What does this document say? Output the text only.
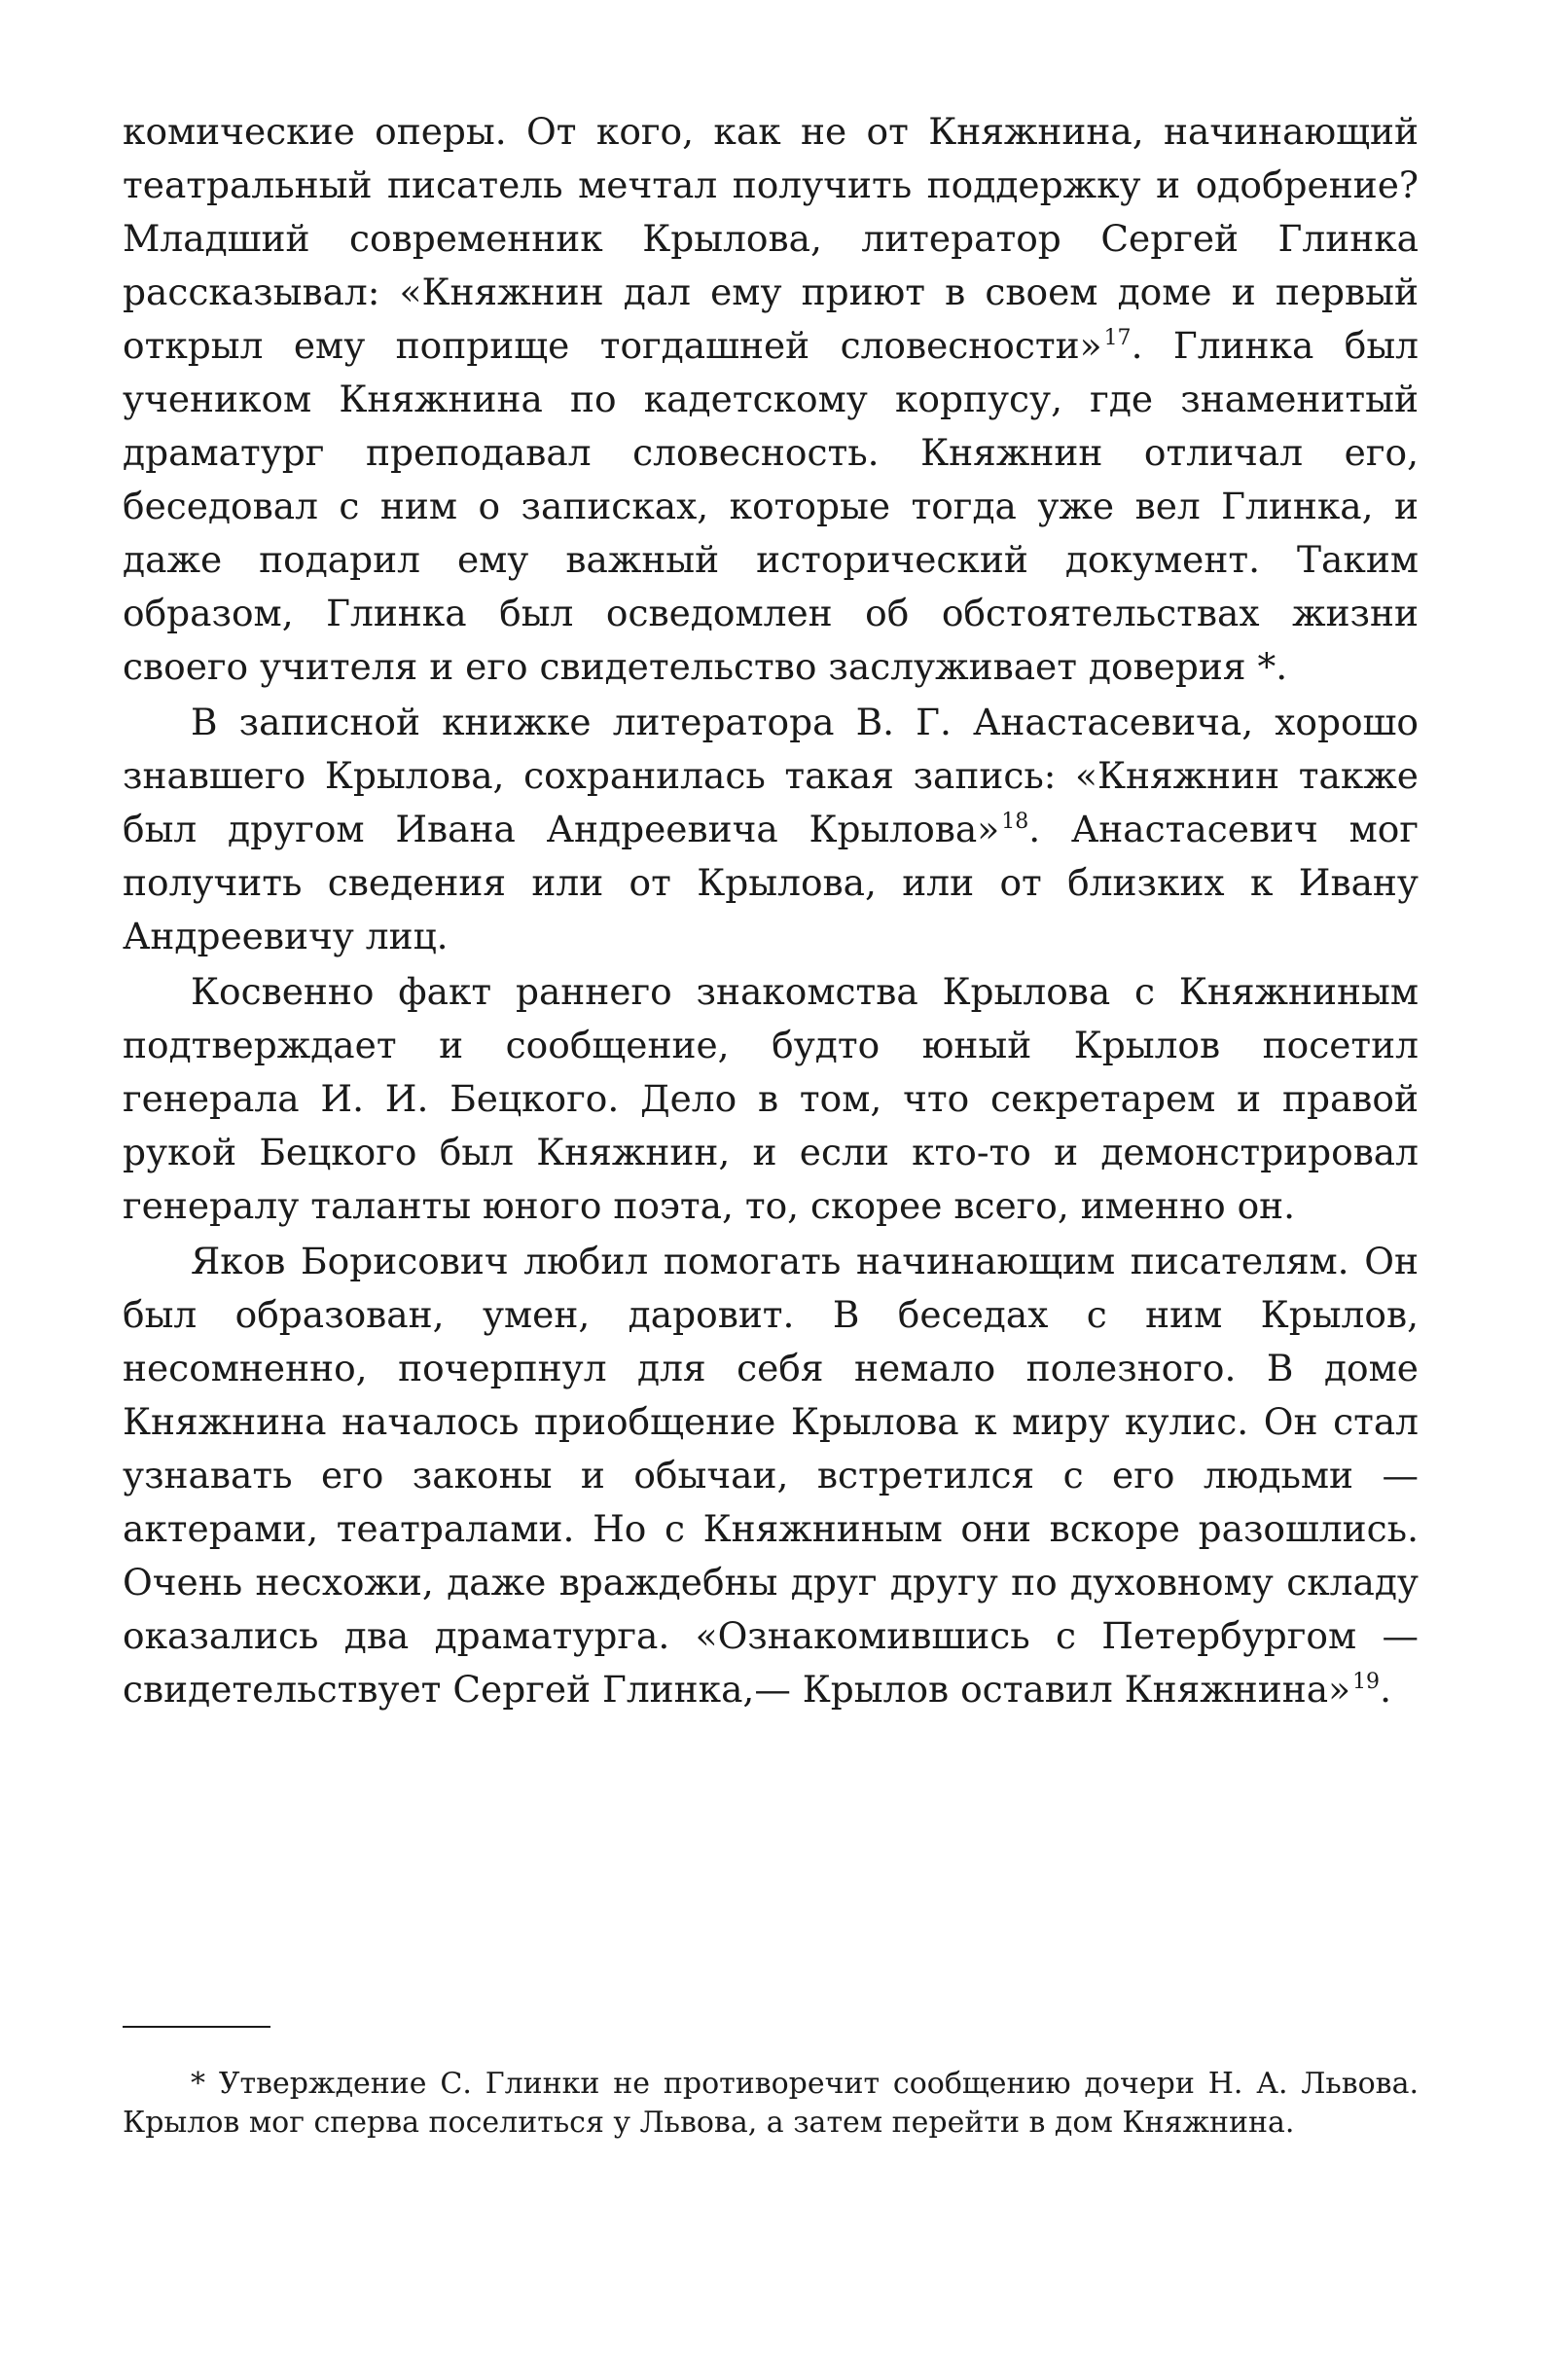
комические оперы. От кого, как не от Княжнина, начинающий театральный писатель мечтал получить поддержку и одобрение? Младший современник Крылова, литератор Сергей Глинка рассказывал: «Княжнин дал ему приют в своем доме и первый открыл ему поприще тогдашней словесности»$^{17}$. Глинка был учеником Княжнина по кадетскому корпусу, где знаменитый драматург преподавал словесность. Княжнин отличал его, беседовал с ним о записках, которые тогда уже вел Глинка, и даже подарил ему важный исторический документ. Таким образом, Глинка был осведомлен об обстоятельствах жизни своего учителя и его свидетельство заслуживает доверия *.

В записной книжке литератора В. Г. Анастасевича, хорошо знавшего Крылова, сохранилась такая запись: «Княжнин также был другом Ивана Андреевича Крылова»$^{18}$. Анастасевич мог получить сведения или от Крылова, или от близких к Ивану Андреевичу лиц.

Косвенно факт раннего знакомства Крылова с Княжниным подтверждает и сообщение, будто юный Крылов посетил генерала И. И. Бецкого. Дело в том, что секретарем и правой рукой Бецкого был Княжнин, и если кто-то и демонстрировал генералу таланты юного поэта, то, скорее всего, именно он.

Яков Борисович любил помогать начинающим писателям. Он был образован, умен, даровит. В беседах с ним Крылов, несомненно, почерпнул для себя немало полезного. В доме Княжнина началось приобщение Крылова к миру кулис. Он стал узнавать его законы и обычаи, встретился с его людьми — актерами, театралами. Но с Княжниным они вскоре разошлись. Очень несхожи, даже враждебны друг другу по духовному складу оказались два драматурга. «Ознакомившись с Петербургом — свидетельствует Сергей Глинка,— Крылов оставил Княжнина»$^{19}$.

* Утверждение С. Глинки не противоречит сообщению дочери Н. А. Львова. Крылов мог сперва поселиться у Львова, а затем перейти в дом Княжнина.
